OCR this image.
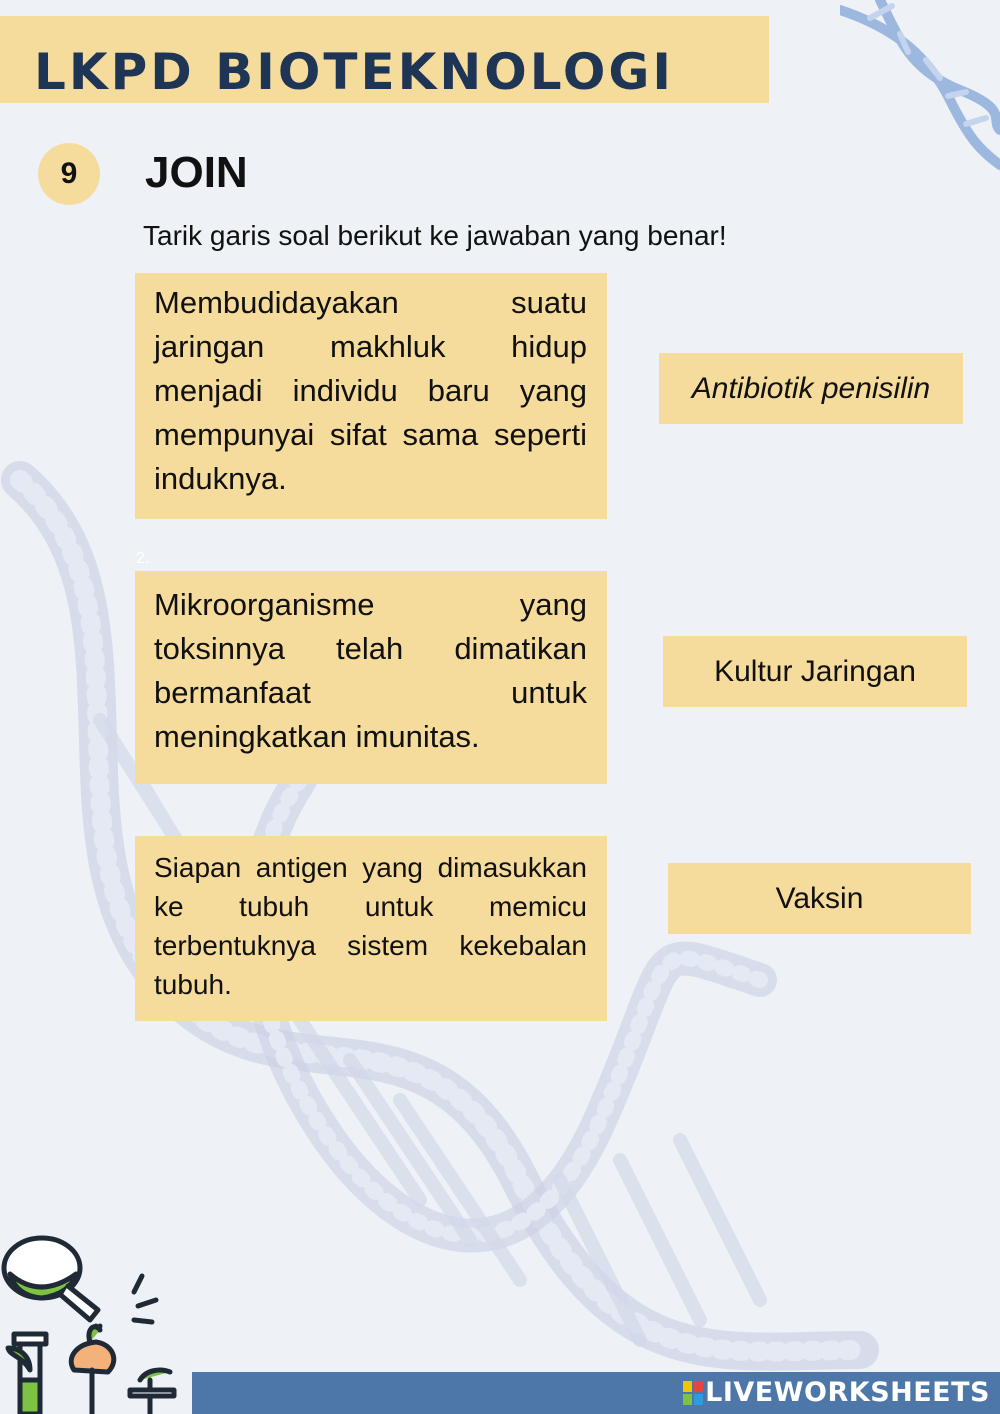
LKPD BIOTEKNOLOGI
9	JOIN
Tarik garis soal berikut ke jawaban yang benar!

Membudidayakan suatu jaringan makhluk hidup menjadi individu baru yang mempunyai sifat sama seperti induknya.

2.

Mikroorganisme yang toksinnya telah dimatikan bermanfaat untuk meningkatkan imunitas.

Siapan antigen yang dimasukkan ke tubuh untuk memicu terbentuknya sistem kekebalan tubuh.

Antibiotik penisilin
Kultur Jaringan
Vaksin
LIVEWORKSHEETS
